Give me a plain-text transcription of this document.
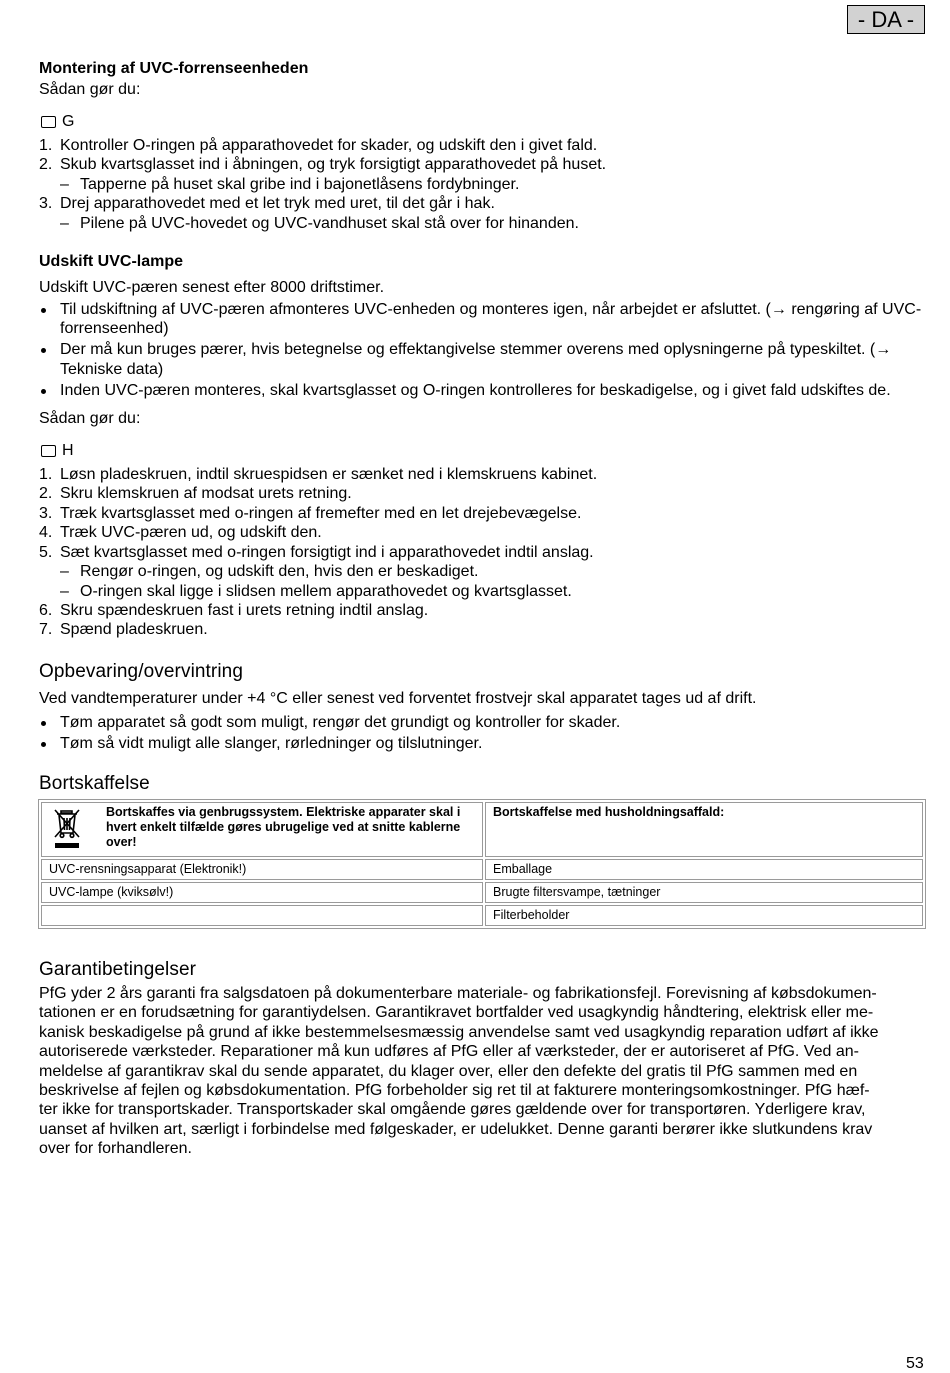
- DA -
Montering af UVC-forrenseenheden

Sådan gør du:

G
1. Kontroller O-ringen på apparathovedet for skader, og udskift den i givet fald.
2. Skub kvartsglasset ind i åbningen, og tryk forsigtigt apparathovedet på huset.
– Tapperne på huset skal gribe ind i bajonetlåsens fordybninger.
3. Drej apparathovedet med et let tryk med uret, til det går i hak.
– Pilene på UVC-hovedet og UVC-vandhuset skal stå over for hinanden.
Udskift UVC-lampe

Udskift UVC-pæren senest efter 8000 driftstimer.

Til udskiftning af UVC-pæren afmonteres UVC-enheden og monteres igen, når arbejdet er afsluttet. (→ rengøring af UVC-forrenseenhed)
Der må kun bruges pærer, hvis betegnelse og effektangivelse stemmer overens med oplysningerne på typeskiltet. (→ Tekniske data)
Inden UVC-pæren monteres, skal kvartsglasset og O-ringen kontrolleres for beskadigelse, og i givet fald udskiftes de.

Sådan gør du:

H
1. Løsn pladeskruen, indtil skruespidsen er sænket ned i klemskruens kabinet.
2. Skru klemskruen af modsat urets retning.
3. Træk kvartsglasset med o-ringen af fremefter med en let drejebevægelse.
4. Træk UVC-pæren ud, og udskift den.
5. Sæt kvartsglasset med o-ringen forsigtigt ind i apparathovedet indtil anslag.
– Rengør o-ringen, og udskift den, hvis den er beskadiget.
– O-ringen skal ligge i slidsen mellem apparathovedet og kvartsglasset.
6. Skru spændeskruen fast i urets retning indtil anslag.
7. Spænd pladeskruen.
Opbevaring/overvintring

Ved vandtemperaturer under +4 °C eller senest ved forventet frostvejr skal apparatet tages ud af drift.

Tøm apparatet så godt som muligt, rengør det grundigt og kontroller for skader.
Tøm så vidt muligt alle slanger, rørledninger og tilslutninger.
Bortskaffelse
Bortskaffes via genbrugssystem. Elektriske apparater skal i hvert enkelt tilfælde gøres ubrugelige ved at snitte kablerne over!	Bortskaffelse med husholdningsaffald:
UVC-rensningsapparat (Elektronik!)	Emballage
UVC-lampe (kviksølv!)	Brugte filtersvampe, tætninger
	Filterbeholder
Garantibetingelser
PfG yder 2 års garanti fra salgsdatoen på dokumenterbare materiale- og fabrikationsfejl. Forevisning af købsdokumen-
tationen er en forudsætning for garantiydelsen. Garantikravet bortfalder ved usagkyndig håndtering, elektrisk eller me-
kanisk beskadigelse på grund af ikke bestemmelsesmæssig anvendelse samt ved usagkyndig reparation udført af ikke
autoriserede værksteder. Reparationer må kun udføres af PfG eller af værksteder, der er autoriseret af PfG. Ved an-
meldelse af garantikrav skal du sende apparatet, du klager over, eller den defekte del gratis til PfG sammen med en
beskrivelse af fejlen og købsdokumentation. PfG forbeholder sig ret til at fakturere monteringsomkostninger. PfG hæf-
ter ikke for transportskader. Transportskader skal omgående gøres gældende over for transportøren. Yderligere krav,
uanset af hvilken art, særligt i forbindelse med følgeskader, er udelukket. Denne garanti berører ikke slutkundens krav
over for forhandleren.
53
